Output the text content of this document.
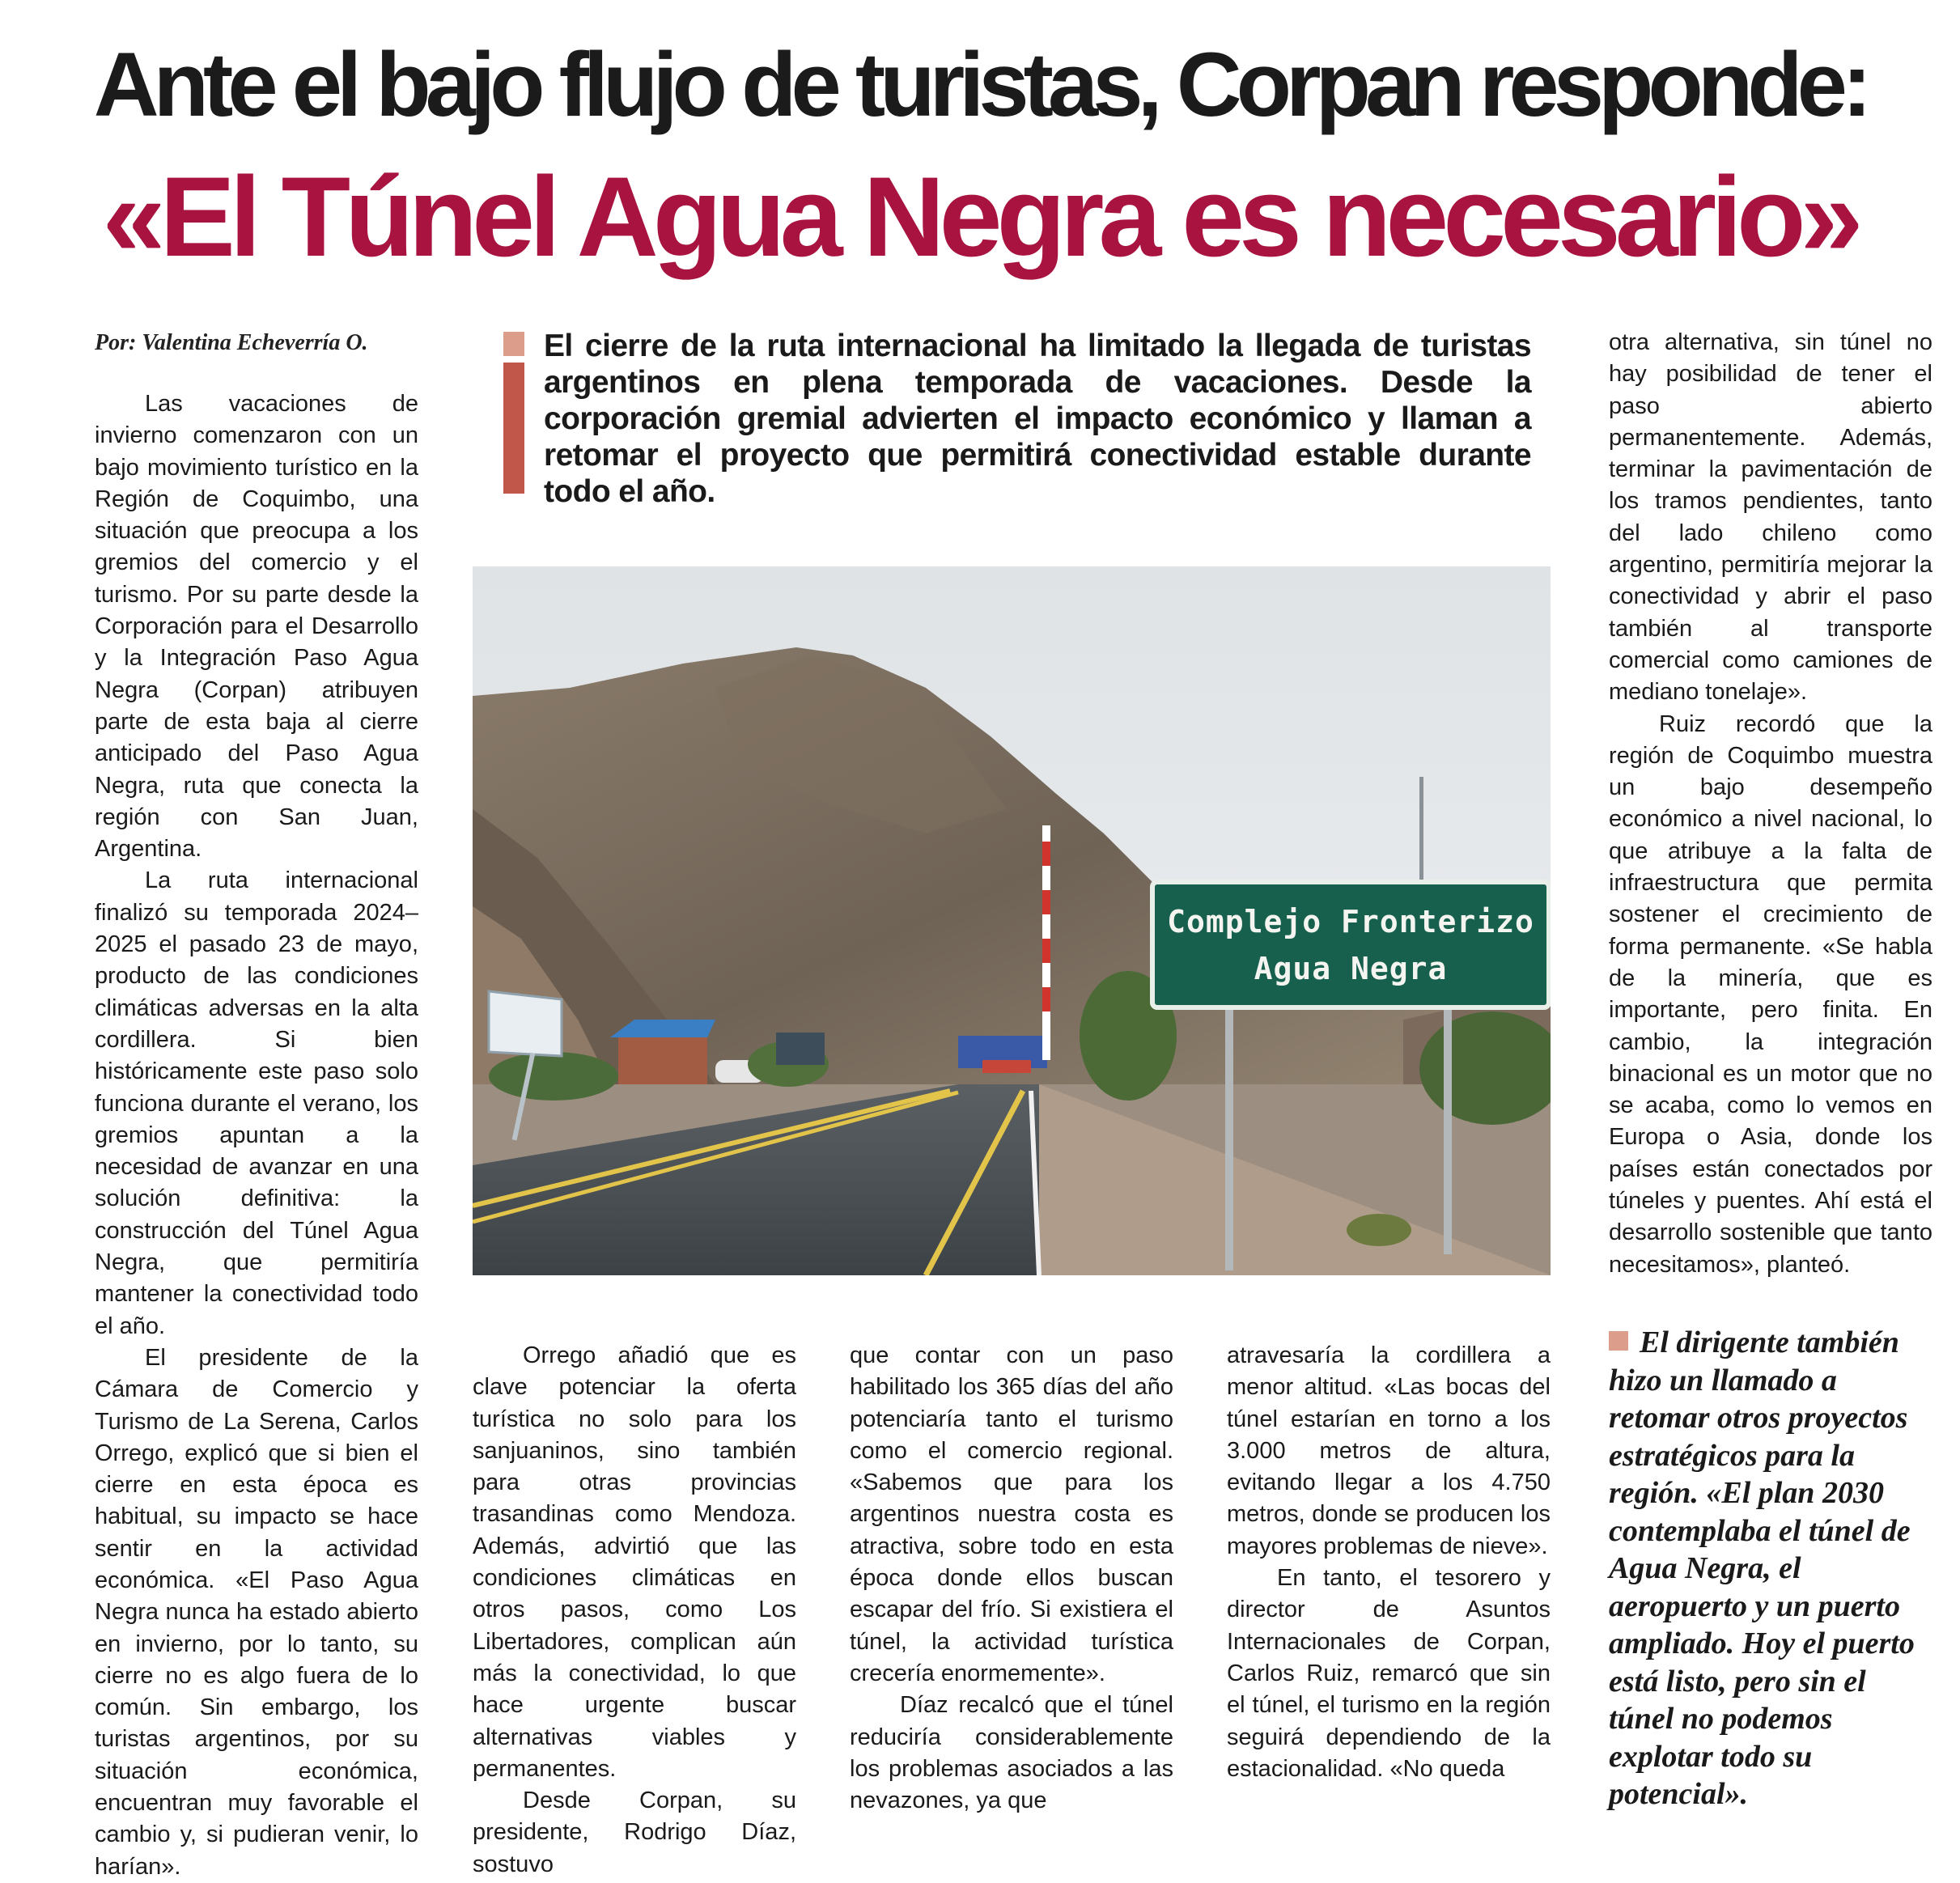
Ante el bajo flujo de turistas, Corpan responde:
«El Túnel Agua Negra es necesario»
Por: Valentina Echeverría O.

Las vacaciones de invierno comenzaron con un bajo movimiento turístico en la Región de Coquimbo, una situación que preocupa a los gremios del comercio y el turismo. Por su parte desde la Corporación para el Desarrollo y la Integración Paso Agua Negra (Corpan) atribuyen parte de esta baja al cierre anticipado del Paso Agua Negra, ruta que conecta la región con San Juan, Argentina.

La ruta internacional finalizó su temporada 2024–2025 el pasado 23 de mayo, producto de las condiciones climáticas adversas en la alta cordillera. Si bien históricamente este paso solo funciona durante el verano, los gremios apuntan a la necesidad de avanzar en una solución definitiva: la construcción del Túnel Agua Negra, que permitiría mantener la conectividad todo el año.

El presidente de la Cámara de Comercio y Turismo de La Serena, Carlos Orrego, explicó que si bien el cierre en esta época es habitual, su impacto se hace sentir en la actividad económica. «El Paso Agua Negra nunca ha estado abierto en invierno, por lo tanto, su cierre no es algo fuera de lo común. Sin embargo, los turistas argentinos, por su situación económica, encuentran muy favorable el cambio y, si pudieran venir, lo harían».

El cierre de la ruta internacional ha limitado la llegada de turistas argentinos en plena temporada de vacaciones. Desde la corporación gremial advierten el impacto económico y llaman a retomar el proyecto que permitirá conectividad estable durante todo el año.
Complejo Fronterizo
Agua Negra

Orrego añadió que es clave potenciar la oferta turística no solo para los sanjuaninos, sino también para otras provincias trasandinas como Mendoza. Además, advirtió que las condiciones climáticas en otros pasos, como Los Libertadores, complican aún más la conectividad, lo que hace urgente buscar alternativas viables y permanentes.

Desde Corpan, su presidente, Rodrigo Díaz, sostuvo

que contar con un paso habilitado los 365 días del año potenciaría tanto el turismo como el comercio regional. «Sabemos que para los argentinos nuestra costa es atractiva, sobre todo en esta época donde ellos buscan escapar del frío. Si existiera el túnel, la actividad turística crecería enormemente».

Díaz recalcó que el túnel reduciría considerablemente los problemas asociados a las nevazones, ya que

atravesaría la cordillera a menor altitud. «Las bocas del túnel estarían en torno a los 3.000 metros de altura, evitando llegar a los 4.750 metros, donde se producen los mayores problemas de nieve».

En tanto, el tesorero y director de Asuntos Internacionales de Corpan, Carlos Ruiz, remarcó que sin el túnel, el turismo en la región seguirá dependiendo de la estacionalidad. «No queda

otra alternativa, sin túnel no hay posibilidad de tener el paso abierto permanentemente. Además, terminar la pavimentación de los tramos pendientes, tanto del lado chileno como argentino, permitiría mejorar la conectividad y abrir el paso también al transporte comercial como camiones de mediano tonelaje».

Ruiz recordó que la región de Coquimbo muestra un bajo desempeño económico a nivel nacional, lo que atribuye a la falta de infraestructura que permita sostener el crecimiento de forma permanente. «Se habla de la minería, que es importante, pero finita. En cambio, la integración binacional es un motor que no se acaba, como lo vemos en Europa o Asia, donde los países están conectados por túneles y puentes. Ahí está el desarrollo sostenible que tanto necesitamos», planteó.

El dirigente también hizo un llamado a retomar otros proyectos estratégicos para la región. «El plan 2030 contemplaba el túnel de Agua Negra, el aeropuerto y un puerto ampliado. Hoy el puerto está listo, pero sin el túnel no podemos explotar todo su potencial».
